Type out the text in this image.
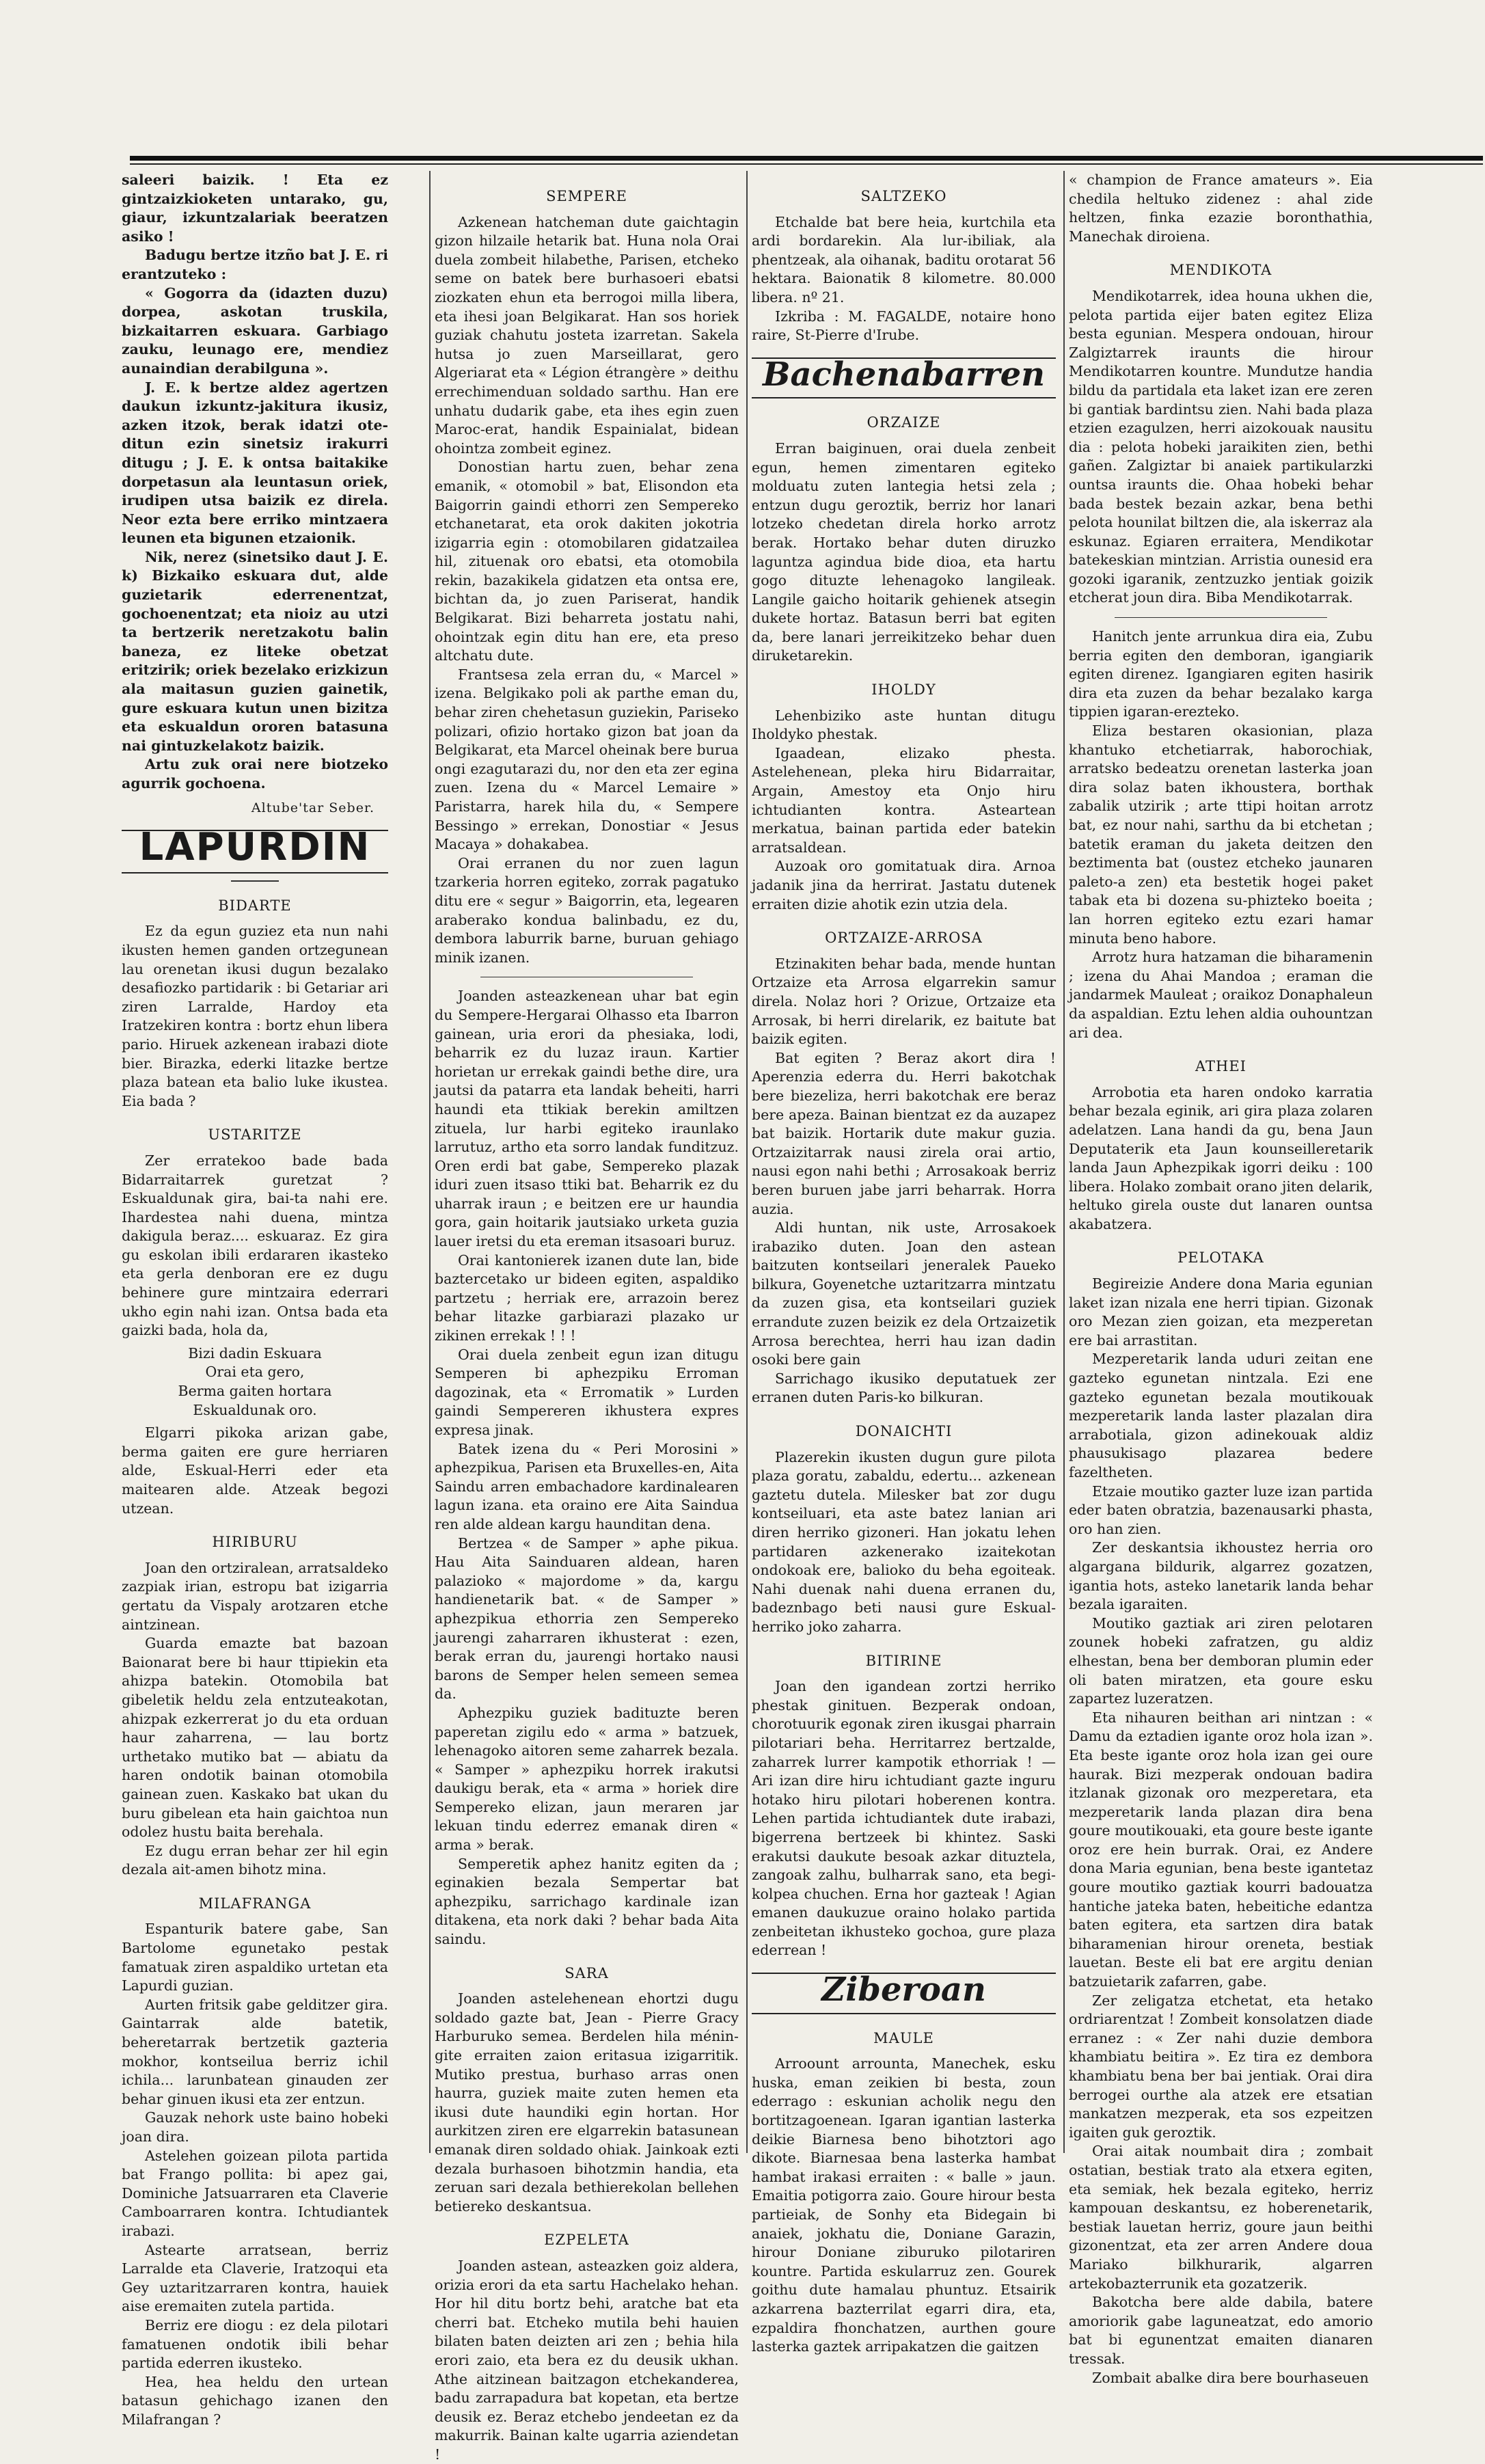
saleeri baizik. ! Eta ez gintzaizkioketen untarako, gu, giaur, izkuntzalariak beeratzen asiko !

Badugu bertze itzño bat J. E. ri erantzuteko :

« Gogorra da (idazten duzu) dorpea, askotan truskila, bizkaitarren eskuara. Garbiago zauku, leunago ere, mendiez aunaindian derabilguna ».

J. E. k bertze aldez agertzen daukun izkuntz-jakitura ikusiz, azken itzok, berak idatzi ote-ditun ezin sinetsiz irakurri ditugu ; J. E. k ontsa baitakike dorpetasun ala leuntasun oriek, irudipen utsa baizik ez direla. Neor ezta bere erriko mintzaera leunen eta bigunen etzaionik.

Nik, nerez (sinetsiko daut J. E. k) Bizkaiko eskuara dut, alde guzietarik ederrenentzat, gochoenentzat; eta nioiz au utzi ta bertzerik neretzakotu balin baneza, ez liteke obetzat eritzirik; oriek bezelako erizkizun ala maitasun guzien gainetik, gure eskuara kutun unen bizitza eta eskualdun ororen batasuna nai gintuzkelakotz baizik.

Artu zuk orai nere biotzeko agurrik gochoena.

Altube'tar Seber.
LAPURDIN
BIDARTE

Ez da egun guziez eta nun nahi ikusten hemen ganden ortzegunean lau orenetan ikusi dugun bezalako desafiozko partidarik : bi Getariar ari ziren Larralde, Hardoy eta Iratzekiren kontra : bortz ehun libera pario. Hiruek azkenean irabazi diote bier. Birazka, ederki litazke bertze plaza batean eta balio luke ikustea. Eia bada ?

USTARITZE

Zer erratekoo bade bada Bidarraitarrek guretzat ? Eskualdunak gira, bai-ta nahi ere. Ihardestea nahi duena, mintza dakigula beraz.... eskuaraz. Ez gira gu eskolan ibili erdararen ikasteko eta gerla denboran ere ez dugu behinere gure mintzaira ederrari ukho egin nahi izan. Ontsa bada eta gaizki bada, hola da,

Bizi dadin Eskuara
Orai eta gero,
Berma gaiten hortara
Eskualdunak oro.

Elgarri pikoka arizan gabe, berma gaiten ere gure herriaren alde, Eskual-Herri eder eta maitearen alde. Atzeak begozi utzean.

HIRIBURU

Joan den ortziralean, arratsaldeko zazpiak irian, estropu bat izigarria gertatu da Vispaly arotzaren etche aintzinean.

Guarda emazte bat bazoan Baionarat bere bi haur ttipiekin eta ahizpa batekin. Otomobila bat gibeletik heldu zela entzuteakotan, ahizpak ezkerrerat jo du eta orduan haur zaharrena, — lau bortz urthetako mutiko bat — abiatu da haren ondotik bainan otomobila gainean zuen. Kaskako bat ukan du buru gibelean eta hain gaichtoa nun odolez hustu baita berehala.

Ez dugu erran behar zer hil egin dezala ait-amen bihotz mina.

MILAFRANGA

Espanturik batere gabe, San Bartolome egunetako pestak famatuak ziren aspaldiko urtetan eta Lapurdi guzian.

Aurten fritsik gabe gelditzer gira. Gaintarrak alde batetik, beheretarrak bertzetik gazteria mokhor, kontseilua berriz ichil ichila... larunbatean ginauden zer behar ginuen ikusi eta zer entzun.

Gauzak nehork uste baino hobeki joan dira.

Astelehen goizean pilota partida bat Frango pollita: bi apez gai, Dominiche Jatsuarraren eta Claverie Camboarraren kontra. Ichtudiantek irabazi.

Astearte arratsean, berriz Larralde eta Claverie, Iratzoqui eta Gey uztaritzarraren kontra, hauiek aise eremaiten zutela partida.

Berriz ere diogu : ez dela pilotari famatuenen ondotik ibili behar partida ederren ikusteko.

Hea, hea heldu den urtean batasun gehichago izanen den Milafrangan ?

SEMPERE

Azkenean hatcheman dute gaichtagin gizon hilzaile hetarik bat. Huna nola Orai duela zombeit hilabethe, Parisen, etcheko seme on batek bere burhasoeri ebatsi ziozkaten ehun eta berrogoi milla libera, eta ihesi joan Belgikarat. Han sos horiek guziak chahutu josteta izarretan. Sakela hutsa jo zuen Marseillarat, gero Algeriarat eta « Légion étrangère » deithu errechimenduan soldado sarthu. Han ere unhatu dudarik gabe, eta ihes egin zuen Maroc-erat, handik Espainialat, bidean ohointza zombeit eginez.

Donostian hartu zuen, behar zena emanik, « otomobil » bat, Elisondon eta Baigorrin gaindi ethorri zen Sempereko etchanetarat, eta orok dakiten jokotria izigarria egin : otomobilaren gidatzailea hil, zituenak oro ebatsi, eta otomobila rekin, bazakikela gidatzen eta ontsa ere, bichtan da, jo zuen Pariserat, handik Belgikarat. Bizi beharreta jostatu nahi, ohointzak egin ditu han ere, eta preso altchatu dute.

Frantsesa zela erran du, « Marcel » izena. Belgikako poli ak parthe eman du, behar ziren chehetasun guziekin, Pariseko polizari, ofizio hortako gizon bat joan da Belgikarat, eta Marcel oheinak bere burua ongi ezagutarazi du, nor den eta zer egina zuen. Izena du « Marcel Lemaire » Paristarra, harek hila du, « Sempere Bessingo » errekan, Donostiar « Jesus Macaya » dohakabea.

Orai erranen du nor zuen lagun tzarkeria horren egiteko, zorrak pagatuko ditu ere « segur » Baigorrin, eta, legearen araberako kondua balinbadu, ez du, dembora laburrik barne, buruan gehiago minik izanen.

Joanden asteazkenean uhar bat egin du Sempere-Hergarai Olhasso eta Ibarron gainean, uria erori da phesiaka, lodi, beharrik ez du luzaz iraun. Kartier horietan ur errekak gaindi bethe dire, ura jautsi da patarra eta landak beheiti, harri haundi eta ttikiak berekin amiltzen zituela, lur harbi egiteko iraunlako larrutuz, artho eta sorro landak funditzuz. Oren erdi bat gabe, Sempereko plazak iduri zuen itsaso ttiki bat. Beharrik ez du uharrak iraun ; e beitzen ere ur haundia gora, gain hoitarik jautsiako urketa guzia lauer iretsi du eta ereman itsasoari buruz.

Orai kantonierek izanen dute lan, bide baztercetako ur bideen egiten, aspaldiko partzetu ; herriak ere, arrazoin berez behar litazke garbiarazi plazako ur zikinen errekak ! ! !

Orai duela zenbeit egun izan ditugu Semperen bi aphezpiku Erroman dagozinak, eta « Erromatik » Lurden gaindi Sempereren ikhustera expres expresa jinak.

Batek izena du « Peri Morosini » aphezpikua, Parisen eta Bruxelles-en, Aita Saindu arren embachadore kardinalearen lagun izana. eta oraino ere Aita Saindua ren alde aldean kargu haunditan dena.

Bertzea « de Samper » aphe pikua. Hau Aita Sainduaren aldean, haren palazioko « majordome » da, kargu handienetarik bat. « de Samper » aphezpikua ethorria zen Sempereko jaurengi zaharraren ikhusterat : ezen, berak erran du, jaurengi hortako nausi barons de Semper helen semeen semea da.

Aphezpiku guziek badituzte beren paperetan zigilu edo « arma » batzuek, lehenagoko aitoren seme zaharrek bezala. « Samper » aphezpiku horrek irakutsi daukigu berak, eta « arma » horiek dire Sempereko elizan, jaun meraren jar lekuan tindu ederrez emanak diren « arma » berak.

Semperetik aphez hanitz egiten da ; eginakien bezala Sempertar bat aphezpiku, sarrichago kardinale izan ditakena, eta nork daki ? behar bada Aita saindu.

SARA

Joanden astelehenean ehortzi dugu soldado gazte bat, Jean - Pierre Gracy Harburuko semea. Berdelen hila ménin-gite erraiten zaion eritasua izigarritik. Mutiko prestua, burhaso arras onen haurra, guziek maite zuten hemen eta ikusi dute haundiki egin hortan. Hor aurkitzen ziren ere elgarrekin batasunean emanak diren soldado ohiak. Jainkoak ezti dezala burhasoen bihotzmin handia, eta zeruan sari dezala bethierekolan bellehen betiereko deskantsua.

EZPELETA

Joanden astean, asteazken goiz aldera, orizia erori da eta sartu Hachelako hehan. Hor hil ditu bortz behi, aratche bat eta cherri bat. Etcheko mutila behi hauien bilaten baten deizten ari zen ; behia hila erori zaio, eta bera ez du deusik ukhan. Athe aitzinean baitzagon etchekanderea, badu zarrapadura bat kopetan, eta bertze deusik ez. Beraz etchebo jendeetan ez da makurrik. Bainan kalte ugarria aziendetan !

SALTZEKO

Etchalde bat bere heia, kurtchila eta ardi bordarekin. Ala lur-ibiliak, ala phentzeak, ala oihanak, baditu orotarat 56 hektara. Baionatik 8 kilometre. 80.000 libera. nº 21.

Izkriba : M. FAGALDE, notaire hono raire, St-Pierre d'Irube.

Bachenabarren
ORZAIZE

Erran baiginuen, orai duela zenbeit egun, hemen zimentaren egiteko molduatu zuten lantegia hetsi zela ; entzun dugu geroztik, berriz hor lanari lotzeko chedetan direla horko arrotz berak. Hortako behar duten diruzko laguntza agindua bide dioa, eta hartu gogo dituzte lehenagoko langileak. Langile gaicho hoitarik gehienek atsegin dukete hortaz. Batasun berri bat egiten da, bere lanari jerreikitzeko behar duen diruketarekin.

IHOLDY

Lehenbiziko aste huntan ditugu Iholdyko phestak.

Igaadean, elizako phesta. Astelehenean, pleka hiru Bidarraitar, Argain, Amestoy eta Onjo hiru ichtudianten kontra. Asteartean merkatua, bainan partida eder batekin arratsaldean.

Auzoak oro gomitatuak dira. Arnoa jadanik jina da herrirat. Jastatu dutenek erraiten dizie ahotik ezin utzia dela.

ORTZAIZE-ARROSA

Etzinakiten behar bada, mende huntan Ortzaize eta Arrosa elgarrekin samur direla. Nolaz hori ? Orizue, Ortzaize eta Arrosak, bi herri direlarik, ez baitute bat baizik egiten.

Bat egiten ? Beraz akort dira ! Aperenzia ederra du. Herri bakotchak bere biezeliza, herri bakotchak ere beraz bere apeza. Bainan bientzat ez da auzapez bat baizik. Hortarik dute makur guzia. Ortzaizitarrak nausi zirela orai artio, nausi egon nahi bethi ; Arrosakoak berriz beren buruen jabe jarri beharrak. Horra auzia.

Aldi huntan, nik uste, Arrosakoek irabaziko duten. Joan den astean baitzuten kontseilari jeneralek Paueko bilkura, Goyenetche uztaritzarra mintzatu da zuzen gisa, eta kontseilari guziek errandute zuzen beizik ez dela Ortzaizetik Arrosa berechtea, herri hau izan dadin osoki bere gain

Sarrichago ikusiko deputatuek zer erranen duten Paris-ko bilkuran.

DONAICHTI

Plazerekin ikusten dugun gure pilota plaza goratu, zabaldu, edertu... azkenean gaztetu dutela. Milesker bat zor dugu kontseiluari, eta aste batez lanian ari diren herriko gizoneri. Han jokatu lehen partidaren azkenerako izaitekotan ondokoak ere, balioko du beha egoiteak. Nahi duenak nahi duena erranen du, badeznbago beti nausi gure Eskual-herriko joko zaharra.

BITIRINE

Joan den igandean zortzi herriko phestak ginituen. Bezperak ondoan, chorotuurik egonak ziren ikusgai pharrain pilotariari beha. Herritarrez bertzalde, zaharrek lurrer kampotik ethorriak ! — Ari izan dire hiru ichtudiant gazte inguru hotako hiru pilotari hoberenen kontra. Lehen partida ichtudiantek dute irabazi, bigerrena bertzeek bi khintez. Saski erakutsi daukute besoak azkar dituztela, zangoak zalhu, bulharrak sano, eta begi-kolpea chuchen. Erna hor gazteak ! Agian emanen daukuzue oraino holako partida zenbeitetan ikhusteko gochoa, gure plaza ederrean !

Ziberoan
MAULE

Arroount arrounta, Manechek, esku huska, eman zeikien bi besta, zoun ederrago : eskunian acholik negu den bortitzagoenean. Igaran igantian lasterka deikie Biarnesa beno bihotztori ago dikote. Biarnesaa bena lasterka hambat hambat irakasi erraiten : « balle » jaun. Emaitia potigorra zaio. Goure hirour besta partieiak, de Sonhy eta Bidegain bi anaiek, jokhatu die, Doniane Garazin, hirour Doniane ziburuko pilotariren kountre. Partida eskularruz zen. Gourek goithu dute hamalau phuntuz. Etsairik azkarrena bazterrilat egarri dira, eta, ezpaldira fhonchatzen, aurthen goure lasterka gaztek arripakatzen die gaitzen

« champion de France amateurs ». Eia chedila heltuko zidenez : ahal zide heltzen, finka ezazie boronthathia, Manechak diroiena.

MENDIKOTA

Mendikotarrek, idea houna ukhen die, pelota partida eijer baten egitez Eliza besta egunian. Mespera ondouan, hirour Zalgiztarrek iraunts die hirour Mendikotarren kountre. Mundutze handia bildu da partidala eta laket izan ere zeren bi gantiak bardintsu zien. Nahi bada plaza etzien ezagulzen, herri aizokouak nausitu dia : pelota hobeki jaraikiten zien, bethi gañen. Zalgiztar bi anaiek partikularzki ountsa iraunts die. Ohaa hobeki behar bada bestek bezain azkar, bena bethi pelota hounilat biltzen die, ala iskerraz ala eskunaz. Egiaren erraitera, Mendikotar batekeskian mintzian. Arristia ounesid era gozoki igaranik, zentzuzko jentiak goizik etcherat joun dira. Biba Mendikotarrak.

Hanitch jente arrunkua dira eia, Zubu berria egiten den demboran, igangiarik egiten direnez. Igangiaren egiten hasirik dira eta zuzen da behar bezalako karga tippien igaran-erezteko.

Eliza bestaren okasionian, plaza khantuko etchetiarrak, haborochiak, arratsko bedeatzu orenetan lasterka joan dira solaz baten ikhoustera, borthak zabalik utzirik ; arte ttipi hoitan arrotz bat, ez nour nahi, sarthu da bi etchetan ; batetik eraman du jaketa deitzen den beztimenta bat (oustez etcheko jaunaren paleto-a zen) eta bestetik hogei paket tabak eta bi dozena su-phizteko boeita ; lan horren egiteko eztu ezari hamar minuta beno habore.

Arrotz hura hatzaman die biharamenin ; izena du Ahai Mandoa ; eraman die jandarmek Mauleat ; oraikoz Donaphaleun da aspaldian. Eztu lehen aldia ouhountzan ari dea.

ATHEI

Arrobotia eta haren ondoko karratia behar bezala eginik, ari gira plaza zolaren adelatzen. Lana handi da gu, bena Jaun Deputaterik eta Jaun kounseilleretarik landa Jaun Aphezpikak igorri deiku : 100 libera. Holako zombait orano jiten delarik, heltuko girela ouste dut lanaren ountsa akabatzera.

PELOTAKA

Begireizie Andere dona Maria egunian laket izan nizala ene herri tipian. Gizonak oro Mezan zien goizan, eta mezperetan ere bai arrastitan.

Mezperetarik landa uduri zeitan ene gazteko egunetan nintzala. Ezi ene gazteko egunetan bezala moutikouak mezperetarik landa laster plazalan dira arrabotiala, gizon adinekouak aldiz phausukisago plazarea bedere fazeltheten.

Etzaie moutiko gazter luze izan partida eder baten obratzia, bazenausarki phasta, oro han zien.

Zer deskantsia ikhoustez herria oro algargana bildurik, algarrez gozatzen, igantia hots, asteko lanetarik landa behar bezala igaraiten.

Moutiko gaztiak ari ziren pelotaren zounek hobeki zafratzen, gu aldiz elhestan, bena ber demboran plumin eder oli baten miratzen, eta goure esku zapartez luzeratzen.

Eta nihauren beithan ari nintzan : « Damu da eztadien igante oroz hola izan ». Eta beste igante oroz hola izan gei oure haurak. Bizi mezperak ondouan badira itzlanak gizonak oro mezperetara, eta mezperetarik landa plazan dira bena goure moutikouaki, eta goure beste igante oroz ere hein burrak. Orai, ez Andere dona Maria egunian, bena beste igantetaz goure moutiko gaztiak kourri badouatza hantiche jateka baten, hebeitiche edantza baten egitera, eta sartzen dira batak biharamenian hirour oreneta, bestiak lauetan. Beste eli bat ere argitu denian batzuietarik zafarren, gabe.

Zer zeligatza etchetat, eta hetako ordriarentzat ! Zombeit konsolatzen diade erranez : « Zer nahi duzie dembora khambiatu beitira ». Ez tira ez dembora khambiatu bena ber bai jentiak. Orai dira berrogei ourthe ala atzek ere etsatian mankatzen mezperak, eta sos ezpeitzen igaiten guk geroztik.

Orai aitak noumbait dira ; zombait ostatian, bestiak trato ala etxera egiten, eta semiak, hek bezala egiteko, herriz kampouan deskantsu, ez hoberenetarik, bestiak lauetan herriz, goure jaun beithi gizonentzat, eta zer arren Andere doua Mariako bilkhurarik, algarren artekobazterrunik eta gozatzerik.

Bakotcha bere alde dabila, batere amoriorik gabe laguneatzat, edo amorio bat bi egunentzat emaiten dianaren tressak.

Zombait abalke dira bere bourhaseuen
